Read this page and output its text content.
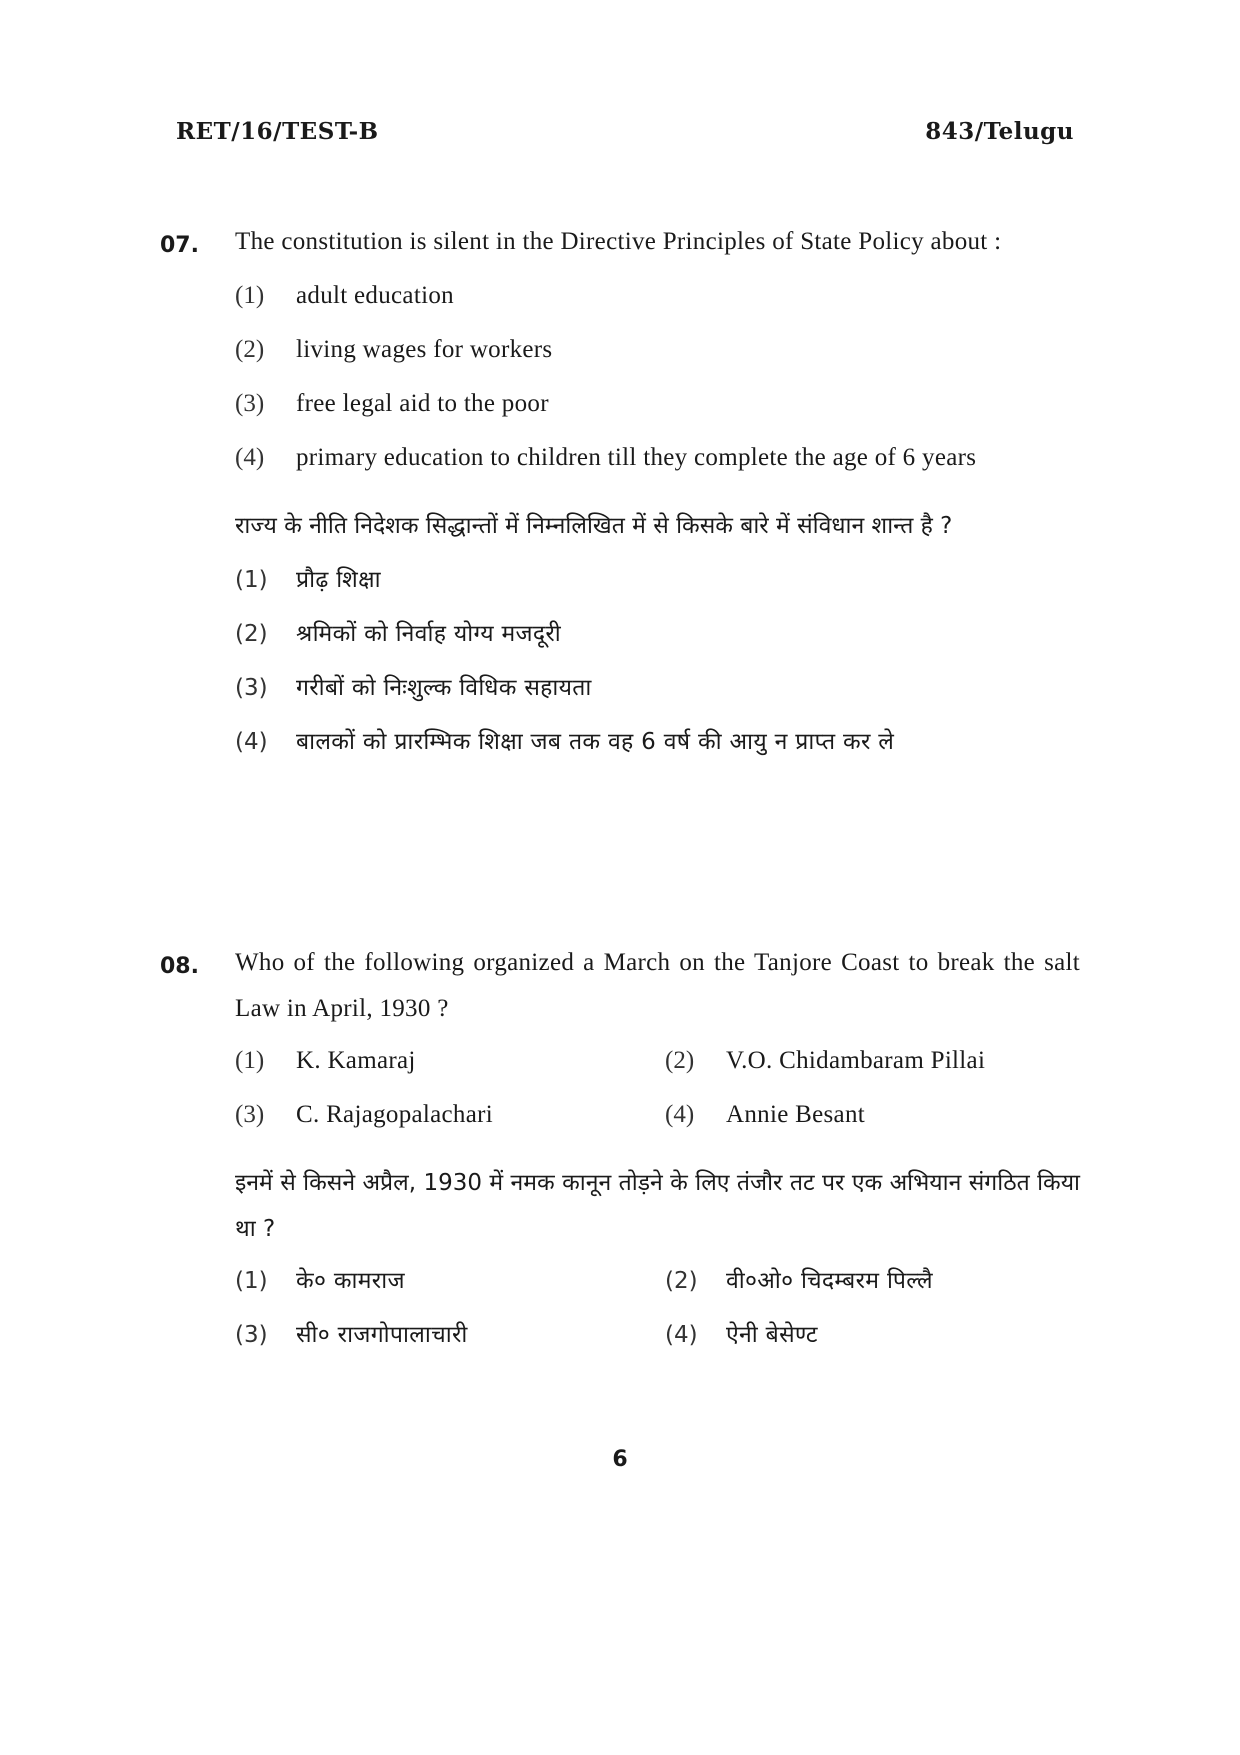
RET/16/TEST-B	843/Telugu
07. The constitution is silent in the Directive Principles of State Policy about :
(1)	adult education
(2)	living wages for workers
(3)	free legal aid to the poor
(4)	primary education to children till they complete the age of 6 years
राज्य के नीति निदेशक सिद्धान्तों में निम्नलिखित में से किसके बारे में संविधान शान्त है ?
(1)	प्रौढ़ शिक्षा
(2)	श्रमिकों को निर्वाह योग्य मजदूरी
(3)	गरीबों को निःशुल्क विधिक सहायता
(4)	बालकों को प्रारम्भिक शिक्षा जब तक वह 6 वर्ष की आयु न प्राप्त कर ले
08. Who of the following organized a March on the Tanjore Coast to break the salt Law in April, 1930 ?
(1)	K. Kamaraj	(2)	V.O. Chidambaram Pillai
(3)	C. Rajagopalachari	(4)	Annie Besant
इनमें से किसने अप्रैल, 1930 में नमक कानून तोड़ने के लिए तंजौर तट पर एक अभियान संगठित किया था ?
(1)	के० कामराज	(2)	वी०ओ० चिदम्बरम पिल्लै
(3)	सी० राजगोपालाचारी	(4)	ऐनी बेसेण्ट
6
